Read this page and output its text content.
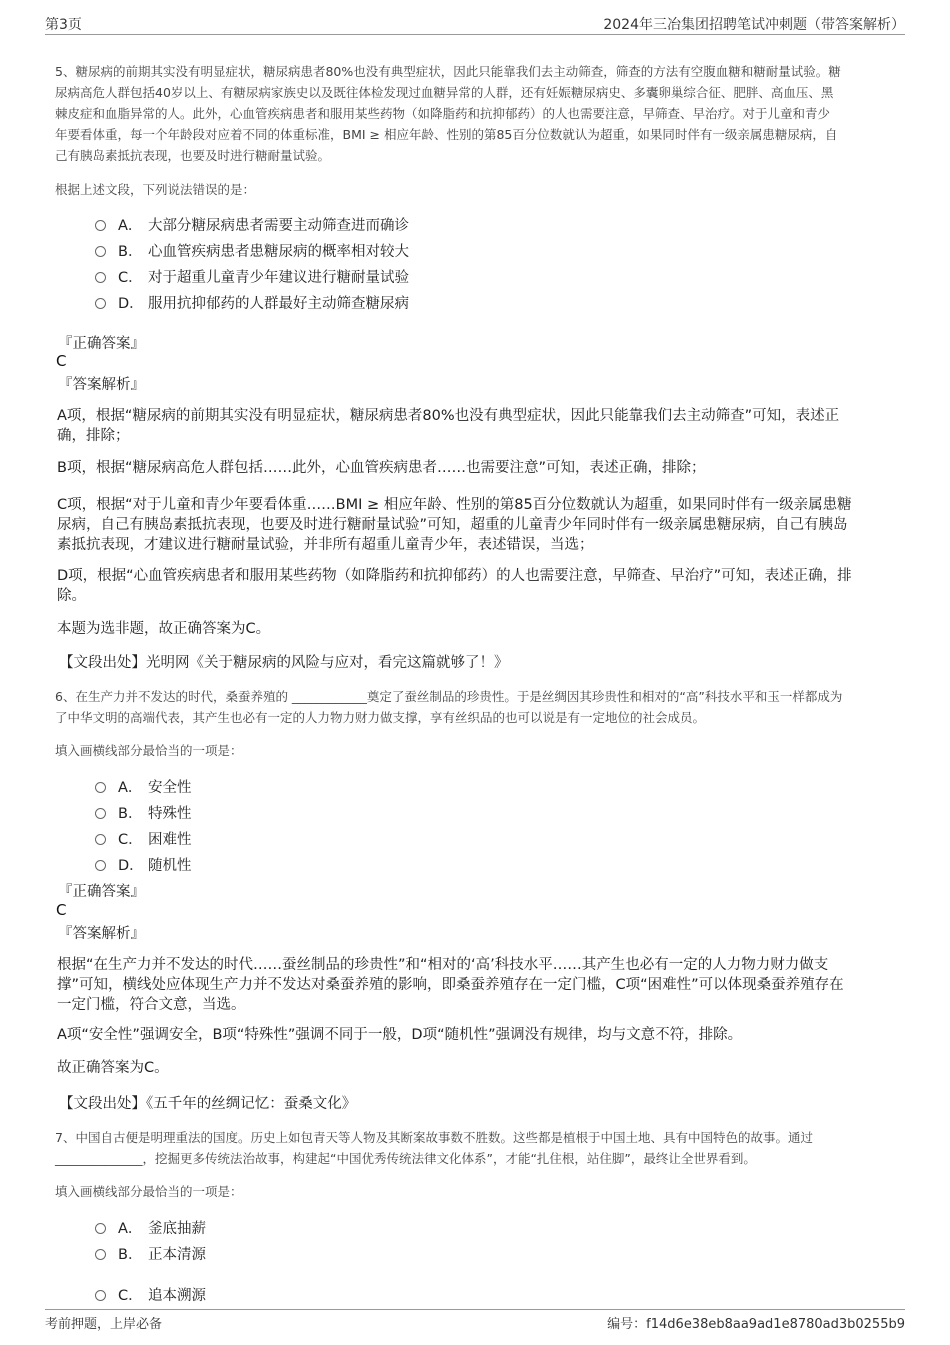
第3页	2024年三冶集团招聘笔试冲刺题（带答案解析）
5、糖尿病的前期其实没有明显症状，糖尿病患者80%也没有典型症状，因此只能靠我们去主动筛查，筛查的方法有空腹血糖和糖耐量试验。糖
尿病高危人群包括40岁以上、有糖尿病家族史以及既往体检发现过血糖异常的人群，还有妊娠糖尿病史、多囊卵巢综合征、肥胖、高血压、黑
棘皮症和血脂异常的人。此外，心血管疾病患者和服用某些药物（如降脂药和抗抑郁药）的人也需要注意，早筛查、早治疗。对于儿童和青少
年要看体重，每一个年龄段对应着不同的体重标准，BMI ≥ 相应年龄、性别的第85百分位数就认为超重，如果同时伴有一级亲属患糖尿病，自
己有胰岛素抵抗表现，也要及时进行糖耐量试验。
根据上述文段，下列说法错误的是：
A． 大部分糖尿病患者需要主动筛查进而确诊
B． 心血管疾病患者患糖尿病的概率相对较大
C． 对于超重儿童青少年建议进行糖耐量试验
D． 服用抗抑郁药的人群最好主动筛查糖尿病
『正确答案』
C
『答案解析』
A项，根据“糖尿病的前期其实没有明显症状，糖尿病患者80%也没有典型症状，因此只能靠我们去主动筛查”可知，表述正
确，排除；
B项，根据“糖尿病高危人群包括……此外，心血管疾病患者……也需要注意”可知，表述正确，排除；
C项，根据“对于儿童和青少年要看体重……BMI ≥ 相应年龄、性别的第85百分位数就认为超重，如果同时伴有一级亲属患糖
尿病，自己有胰岛素抵抗表现，也要及时进行糖耐量试验”可知，超重的儿童青少年同时伴有一级亲属患糖尿病，自己有胰岛
素抵抗表现，才建议进行糖耐量试验，并非所有超重儿童青少年，表述错误，当选；
D项，根据“心血管疾病患者和服用某些药物（如降脂药和抗抑郁药）的人也需要注意，早筛查、早治疗”可知，表述正确，排
除。
本题为选非题，故正确答案为C。
【文段出处】光明网《关于糖尿病的风险与应对，看完这篇就够了！》
6、在生产力并不发达的时代，桑蚕养殖的 ____________奠定了蚕丝制品的珍贵性。于是丝绸因其珍贵性和相对的“高”科技水平和玉一样都成为
了中华文明的高端代表，其产生也必有一定的人力物力财力做支撑，享有丝织品的也可以说是有一定地位的社会成员。
填入画横线部分最恰当的一项是：
A． 安全性
B． 特殊性
C． 困难性
D． 随机性
『正确答案』
C
『答案解析』
根据“在生产力并不发达的时代……蚕丝制品的珍贵性”和“相对的‘高’科技水平……其产生也必有一定的人力物力财力做支
撑”可知，横线处应体现生产力并不发达对桑蚕养殖的影响，即桑蚕养殖存在一定门槛，C项“困难性”可以体现桑蚕养殖存在
一定门槛，符合文意，当选。
A项“安全性”强调安全，B项“特殊性”强调不同于一般，D项“随机性”强调没有规律，均与文意不符，排除。
故正确答案为C。
【文段出处】《五千年的丝绸记忆：蚕桑文化》
7、中国自古便是明理重法的国度。历史上如包青天等人物及其断案故事数不胜数。这些都是植根于中国土地、具有中国特色的故事。通过
______________，挖掘更多传统法治故事，构建起“中国优秀传统法律文化体系”，才能“扎住根，站住脚”，最终让全世界看到。
填入画横线部分最恰当的一项是：
A． 釜底抽薪
B． 正本清源
C． 追本溯源
考前押题，上岸必备	编号：f14d6e38eb8aa9ad1e8780ad3b0255b9
